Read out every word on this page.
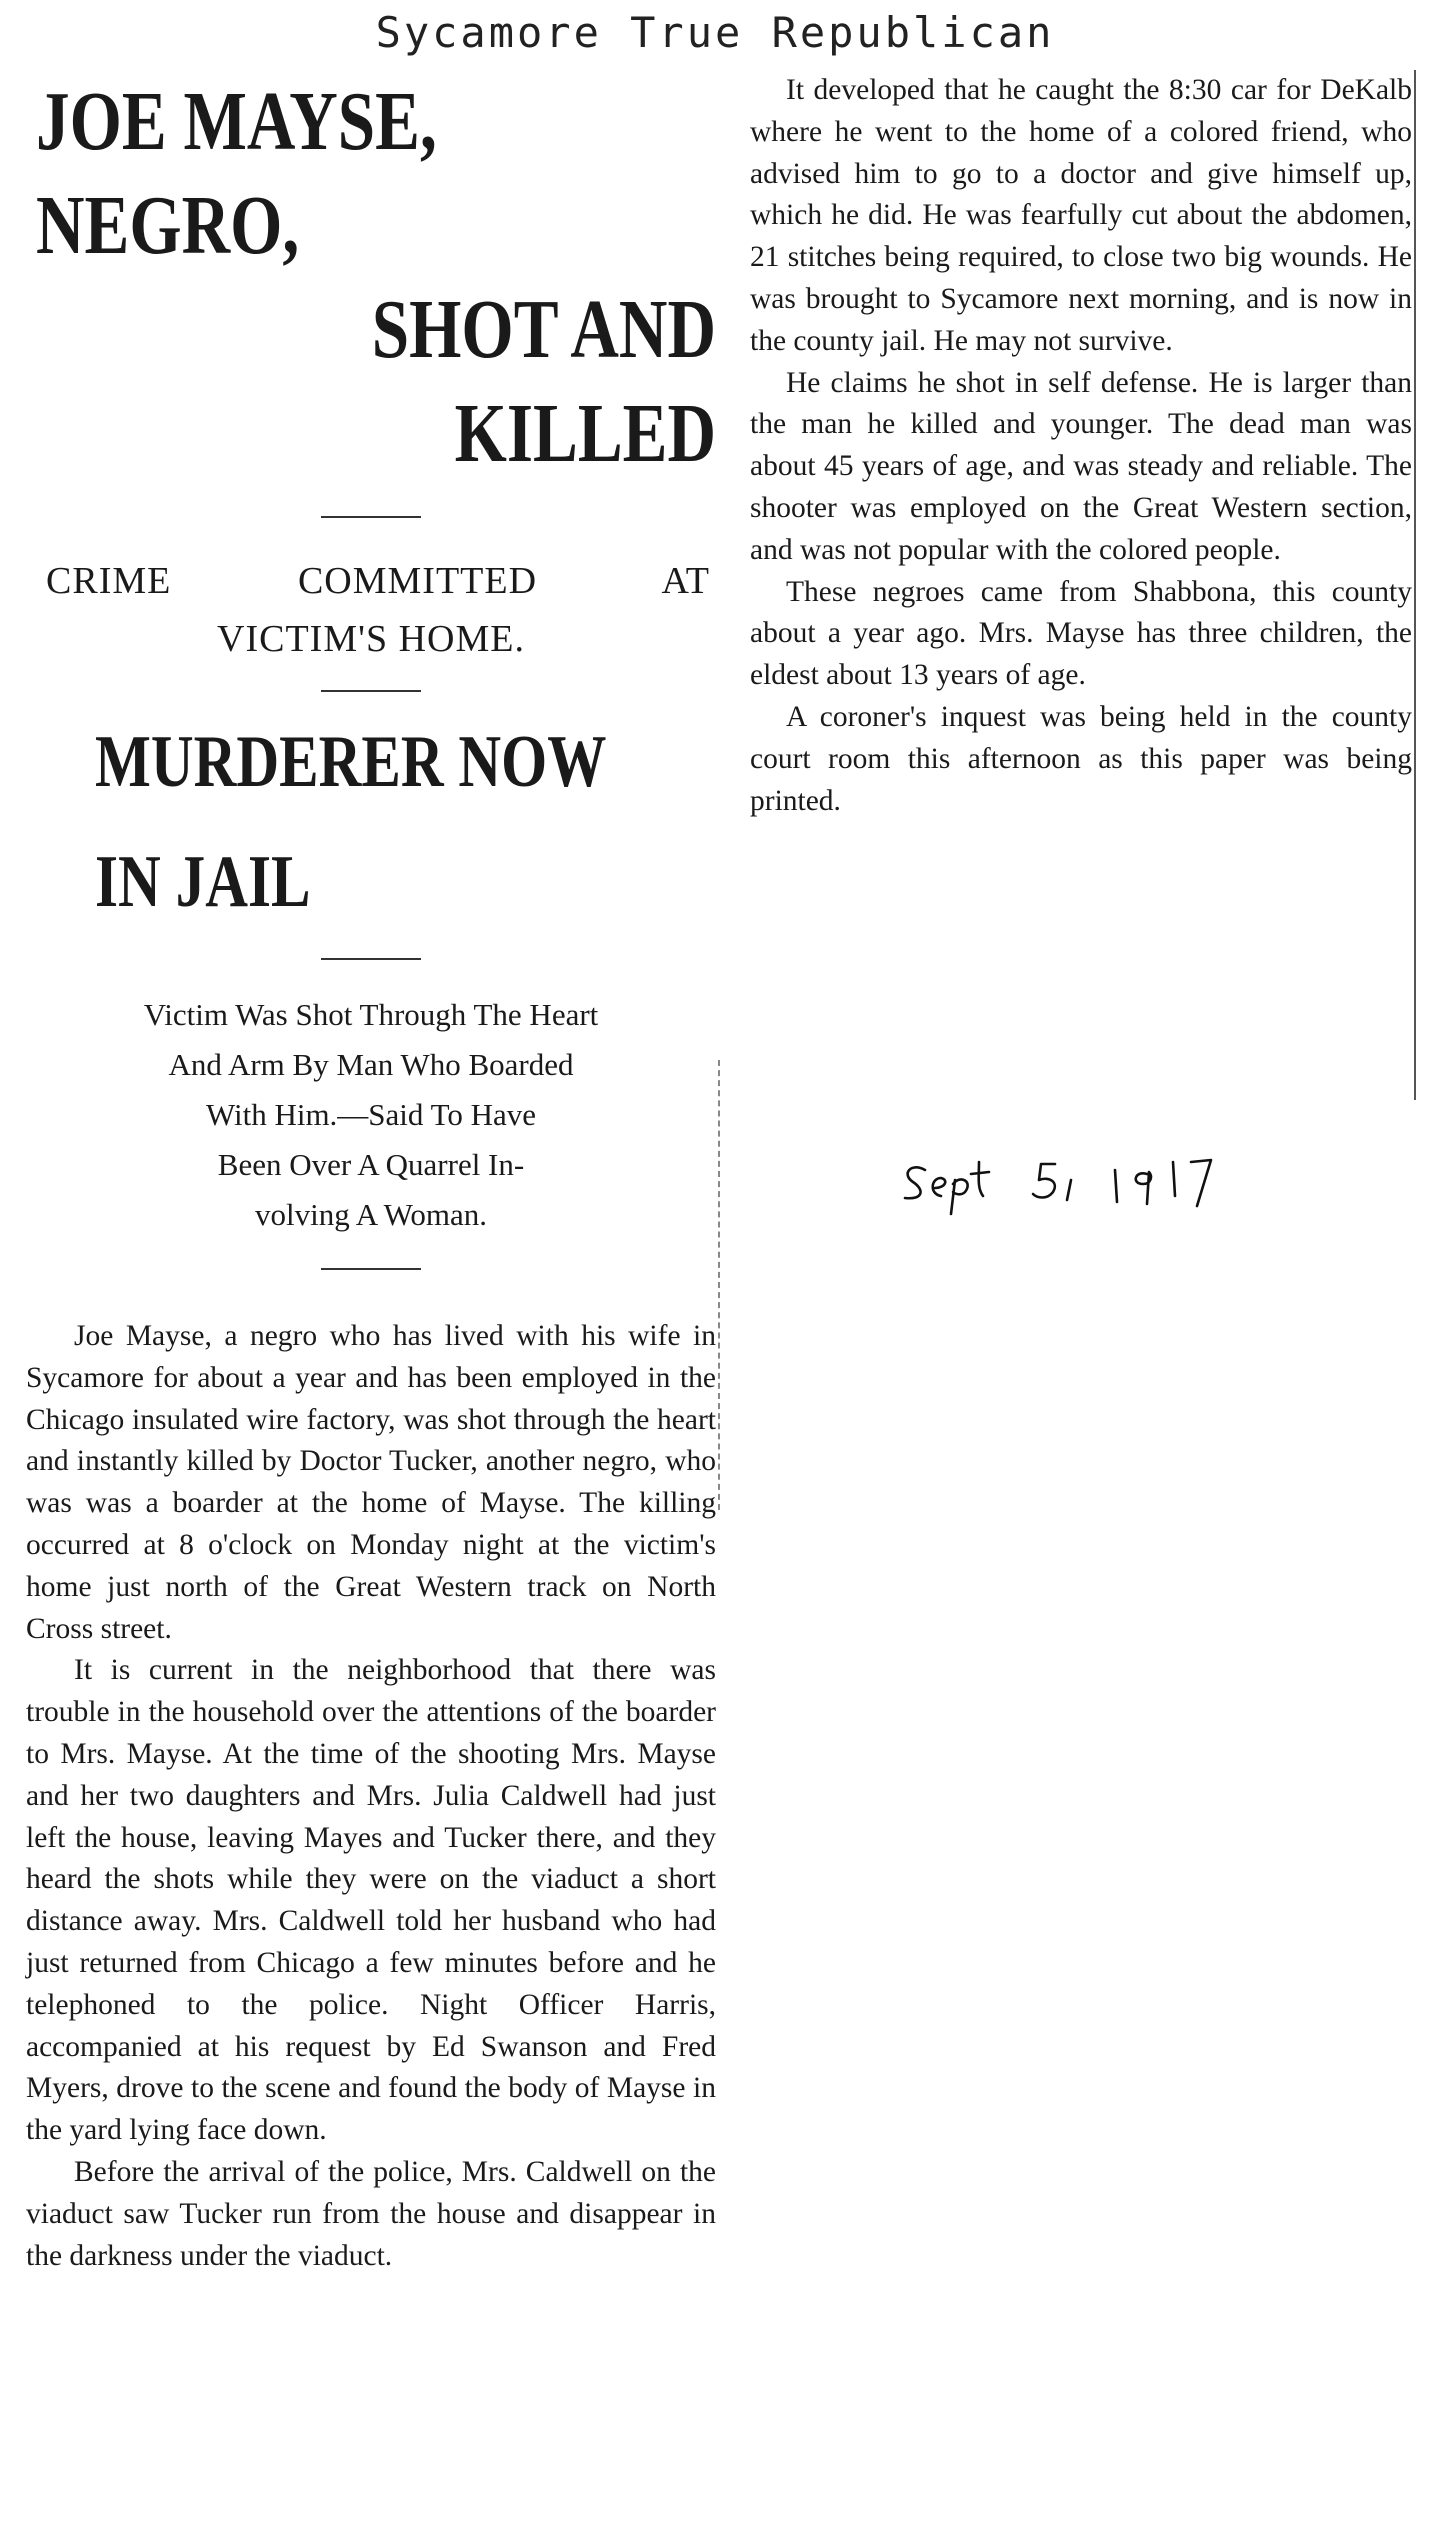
Sycamore True Republican
JOE MAYSE, NEGRO,
SHOT AND KILLED
CRIME COMMITTED AT
VICTIM'S HOME.
MURDERER NOW IN JAIL
Victim Was Shot Through The Heart
And Arm By Man Who Boarded
With Him.—Said To Have
Been Over A Quarrel In-
volving A Woman.

Joe Mayse, a negro who has lived with his wife in Sycamore for about a year and has been employed in the Chicago insulated wire factory, was shot through the heart and instantly killed by Doctor Tucker, another negro, who was was a boarder at the home of Mayse. The killing occurred at 8 o'clock on Monday night at the victim's home just north of the Great Western track on North Cross street.

It is current in the neighborhood that there was trouble in the household over the attentions of the boarder to Mrs. Mayse. At the time of the shooting Mrs. Mayse and her two daughters and Mrs. Julia Caldwell had just left the house, leaving Mayes and Tucker there, and they heard the shots while they were on the viaduct a short distance away. Mrs. Caldwell told her husband who had just returned from Chicago a few minutes before and he telephoned to the police. Night Officer Harris, accompanied at his request by Ed Swanson and Fred Myers, drove to the scene and found the body of Mayse in the yard lying face down.

Before the arrival of the police, Mrs. Caldwell on the viaduct saw Tucker run from the house and disappear in the darkness under the viaduct.

It developed that he caught the 8:30 car for DeKalb where he went to the home of a colored friend, who advised him to go to a doctor and give himself up, which he did. He was fearfully cut about the abdomen, 21 stitches being required, to close two big wounds. He was brought to Sycamore next morning, and is now in the county jail. He may not survive.

He claims he shot in self defense. He is larger than the man he killed and younger. The dead man was about 45 years of age, and was steady and reliable. The shooter was employed on the Great Western section, and was not popular with the colored people.

These negroes came from Shabbona, this county about a year ago. Mrs. Mayse has three children, the eldest about 13 years of age.

A coroner's inquest was being held in the county court room this afternoon as this paper was being printed.
